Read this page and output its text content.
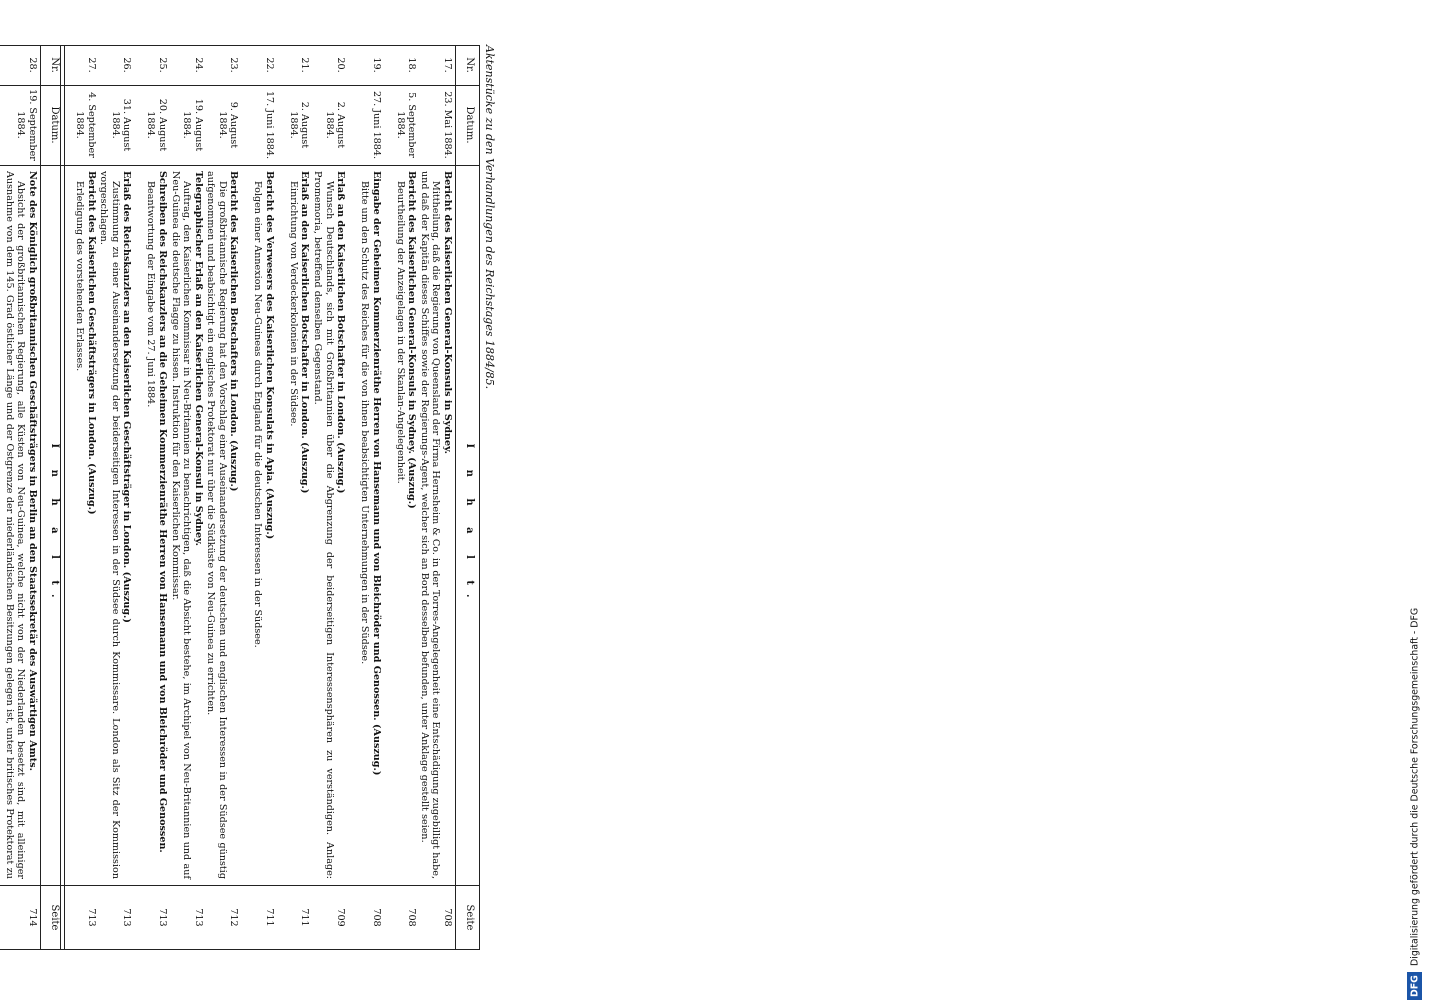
Nr.
Datum.
I n h a l t.
Seite
28.
19. September 1884.
Note des Königlich großbritannischen Geschäftsträgers in Berlin an den Staatssekretär des Auswärtigen Amts.
Absicht der großbritannischen Regierung, alle Küsten von Neu-Guinea, welche nicht von der Niederlanden besetzt sind, mit alleiniger Ausnahme von dem 145. Grad östlicher Länge und der Ostgrenze der niederländischen Besitzungen gelegen ist, unter britisches Protektorat zu
714
Nr.
Datum.
I n h a l t.
Seite
17.
23. Mai 1884.
Bericht des Kaiserlichen General-Konsuls in Sydney.
Mittheilung, daß die Regierung von Queensland der Firma Hernsheim & Co. in der Torres-Angelegenheit eine Entschädigung zugebilligt habe, und daß der Kapitän dieses Schiffes sowie der Regierungs-Agent, welcher sich an Bord desselben befunden, unter Anklage gestellt seien.
708
18.
5. September 1884.
Bericht des Kaiserlichen General-Konsuls in Sydney. (Auszug.)
Beurtheilung der Anzeigelagen in der Skanlan-Angelegenheit.
708
19.
27. Juni 1884.
Eingabe der Geheimen Kommerzienräthe Herren von Hansemann und von Bleichröder und Genossen. (Auszug.)
Bitte um den Schutz des Reiches für die von ihnen beabsichtigten Unternehmungen in der Südsee.
708
20.
2. August 1884.
Erlaß an den Kaiserlichen Botschafter in London. (Auszug.)
Wunsch Deutschlands, sich mit Großbritannien über die Abgrenzung der beiderseitigen Interessensphären zu verständigen. Anlage: Promemoria, betreffend denselben Gegenstand.
709
21.
2. August 1884.
Erlaß an den Kaiserlichen Botschafter in London. (Auszug.)
Einrichtung von Verdeckerkolonien in der Südsee.
711
22.
17. Juni 1884.
Bericht des Verwesers des Kaiserlichen Konsulats in Apia. (Auszug.)
Folgen einer Annexion Neu-Guineas durch England für die deutschen Interessen in der Südsee.
711
23.
9. August 1884.
Bericht des Kaiserlichen Botschafters in London. (Auszug.)
Die großbritannische Regierung hat den Vorschlag einer Auseinandersetzung der deutschen und englischen Interessen in der Südsee günstig aufgenommen und beabsichtigt ein englisches Protektorat nur über die Südküste von Neu-Guinea zu errichten.
712
24.
19. August 1884.
Telegraphischer Erlaß an den Kaiserlichen General-Konsul in Sydney.
Auftrag, den Kaiserlichen Kommissar in Neu-Britannien zu benachrichtigen, daß die Absicht bestehe, im Archipel von Neu-Britannien und auf Neu-Guinea die deutsche Flagge zu hissen. Instruktion für den Kaiserlichen Kommissar.
713
25.
20. August 1884.
Schreiben des Reichskanzlers an die Geheimen Kommerzienräthe Herren von Hansemann und von Bleichröder und Genossen.
Beantwortung der Eingabe vom 27. Juni 1884.
713
26.
31. August 1884.
Erlaß des Reichskanzlers an den Kaiserlichen Geschäftsträger in London. (Auszug.)
Zustimmung zu einer Auseinandersetzung der beiderseitigen Interessen in der Südsee durch Kommissare. London als Sitz der Kommission vorgeschlagen.
713
27.
4. September 1884.
Bericht des Kaiserlichen Geschäftsträgers in London. (Auszug.)
Erledigung des vorstehenden Erlasses.
713
Aktenstücke zu den Verhandlungen des Reichstages 1884/85.
DFG
Digitalisierung gefördert durch die Deutsche Forschungsgemeinschaft - DFG
